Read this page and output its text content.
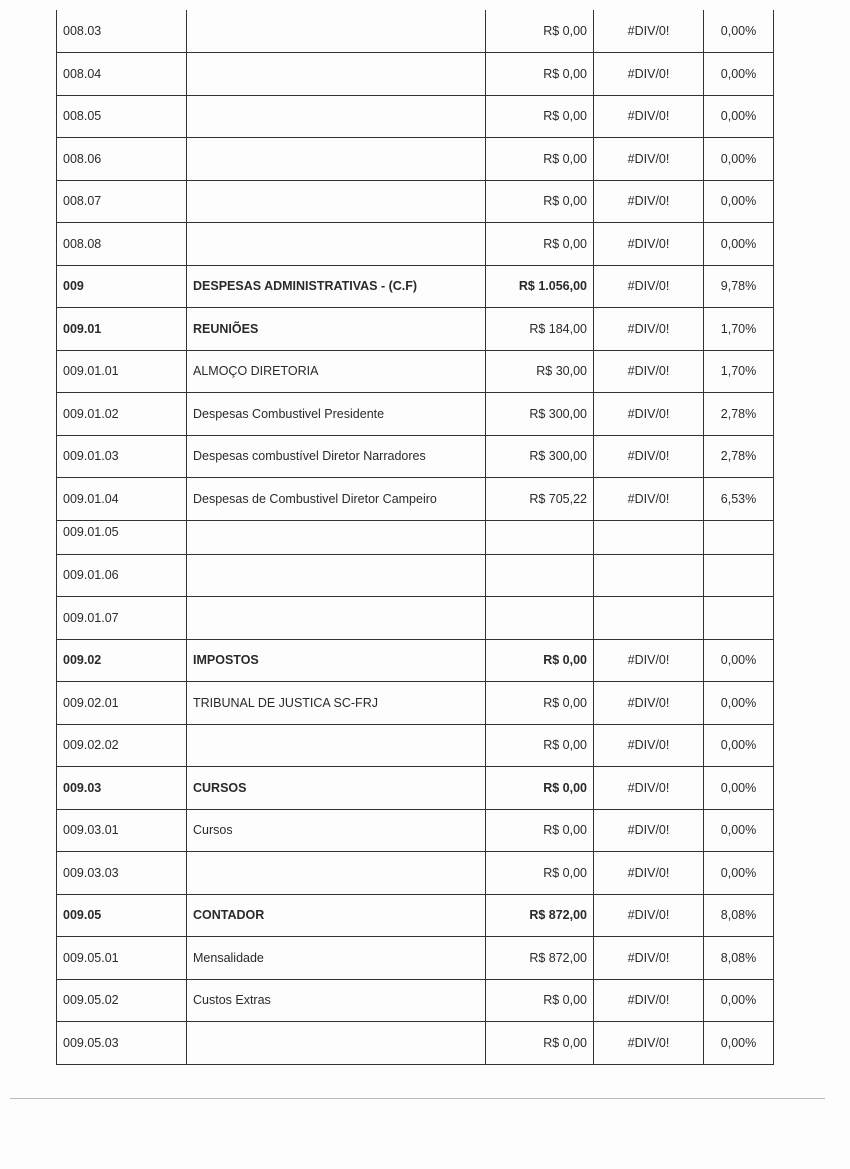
008.03		R$ 0,00	#DIV/0!	0,00%
008.04		R$ 0,00	#DIV/0!	0,00%
008.05		R$ 0,00	#DIV/0!	0,00%
008.06		R$ 0,00	#DIV/0!	0,00%
008.07		R$ 0,00	#DIV/0!	0,00%
008.08		R$ 0,00	#DIV/0!	0,00%
009	DESPESAS ADMINISTRATIVAS - (C.F)	R$ 1.056,00	#DIV/0!	9,78%
009.01	REUNIÕES	R$ 184,00	#DIV/0!	1,70%
009.01.01	ALMOÇO DIRETORIA	R$ 30,00	#DIV/0!	1,70%
009.01.02	Despesas Combustivel Presidente	R$ 300,00	#DIV/0!	2,78%
009.01.03	Despesas combustível Diretor Narradores	R$ 300,00	#DIV/0!	2,78%
009.01.04	Despesas de Combustivel Diretor Campeiro	R$ 705,22	#DIV/0!	6,53%
009.01.05				
009.01.06				
009.01.07				
009.02	IMPOSTOS	R$ 0,00	#DIV/0!	0,00%
009.02.01	TRIBUNAL DE JUSTICA SC-FRJ	R$ 0,00	#DIV/0!	0,00%
009.02.02		R$ 0,00	#DIV/0!	0,00%
009.03	CURSOS	R$ 0,00	#DIV/0!	0,00%
009.03.01	Cursos	R$ 0,00	#DIV/0!	0,00%
009.03.03		R$ 0,00	#DIV/0!	0,00%
009.05	CONTADOR	R$ 872,00	#DIV/0!	8,08%
009.05.01	Mensalidade	R$ 872,00	#DIV/0!	8,08%
009.05.02	Custos Extras	R$ 0,00	#DIV/0!	0,00%
009.05.03		R$ 0,00	#DIV/0!	0,00%
